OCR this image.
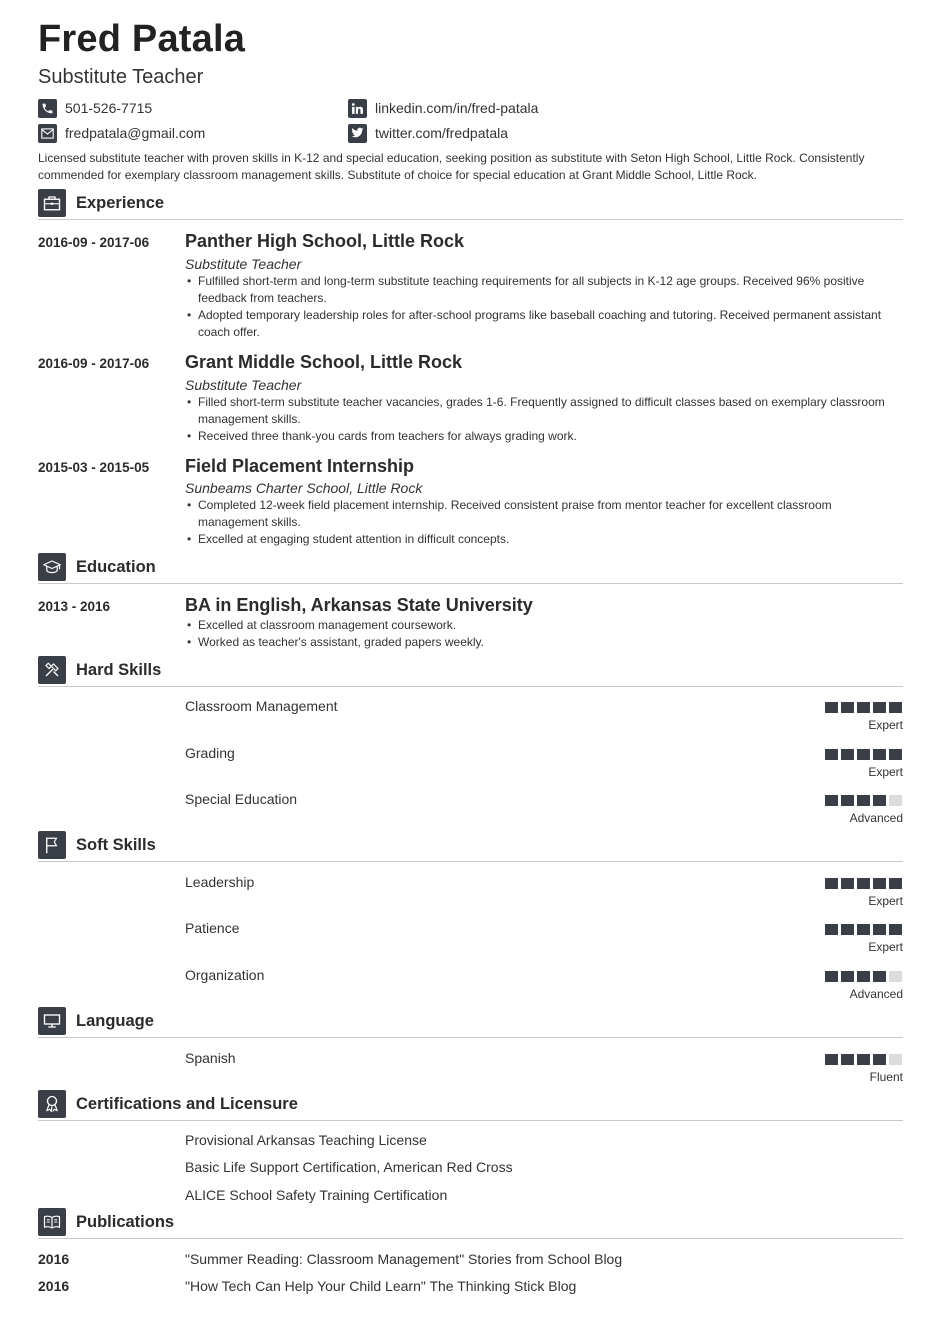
Fred Patala
Substitute Teacher
501-526-7715
fredpatala@gmail.com
linkedin.com/in/fred-patala
twitter.com/fredpatala
Licensed substitute teacher with proven skills in K-12 and special education, seeking position as substitute with Seton High School, Little Rock. Consistently commended for exemplary classroom management skills. Substitute of choice for special education at Grant Middle School, Little Rock.
Experience
2016-09 - 2017-06 Panther High School, Little Rock
Substitute Teacher
• Fulfilled short-term and long-term substitute teaching requirements for all subjects in K-12 age groups. Received 96% positive feedback from teachers.
• Adopted temporary leadership roles for after-school programs like baseball coaching and tutoring. Received permanent assistant coach offer.
2016-09 - 2017-06 Grant Middle School, Little Rock
Substitute Teacher
• Filled short-term substitute teacher vacancies, grades 1-6. Frequently assigned to difficult classes based on exemplary classroom management skills.
• Received three thank-you cards from teachers for always grading work.
2015-03 - 2015-05 Field Placement Internship
Sunbeams Charter School, Little Rock
• Completed 12-week field placement internship. Received consistent praise from mentor teacher for excellent classroom management skills.
• Excelled at engaging student attention in difficult concepts.
Education
2013 - 2016	BA in English, Arkansas State University
• Excelled at classroom management coursework.
• Worked as teacher's assistant, graded papers weekly.
Hard Skills
Classroom Management
Expert
Grading
Expert
Special Education
Advanced
Soft Skills
Leadership
Expert
Patience
Expert
Organization
Advanced
Language
Spanish
Fluent
Certifications and Licensure
Provisional Arkansas Teaching License
Basic Life Support Certification, American Red Cross
ALICE School Safety Training Certification
Publications
2016	"Summer Reading: Classroom Management" Stories from School Blog
2016	"How Tech Can Help Your Child Learn" The Thinking Stick Blog
